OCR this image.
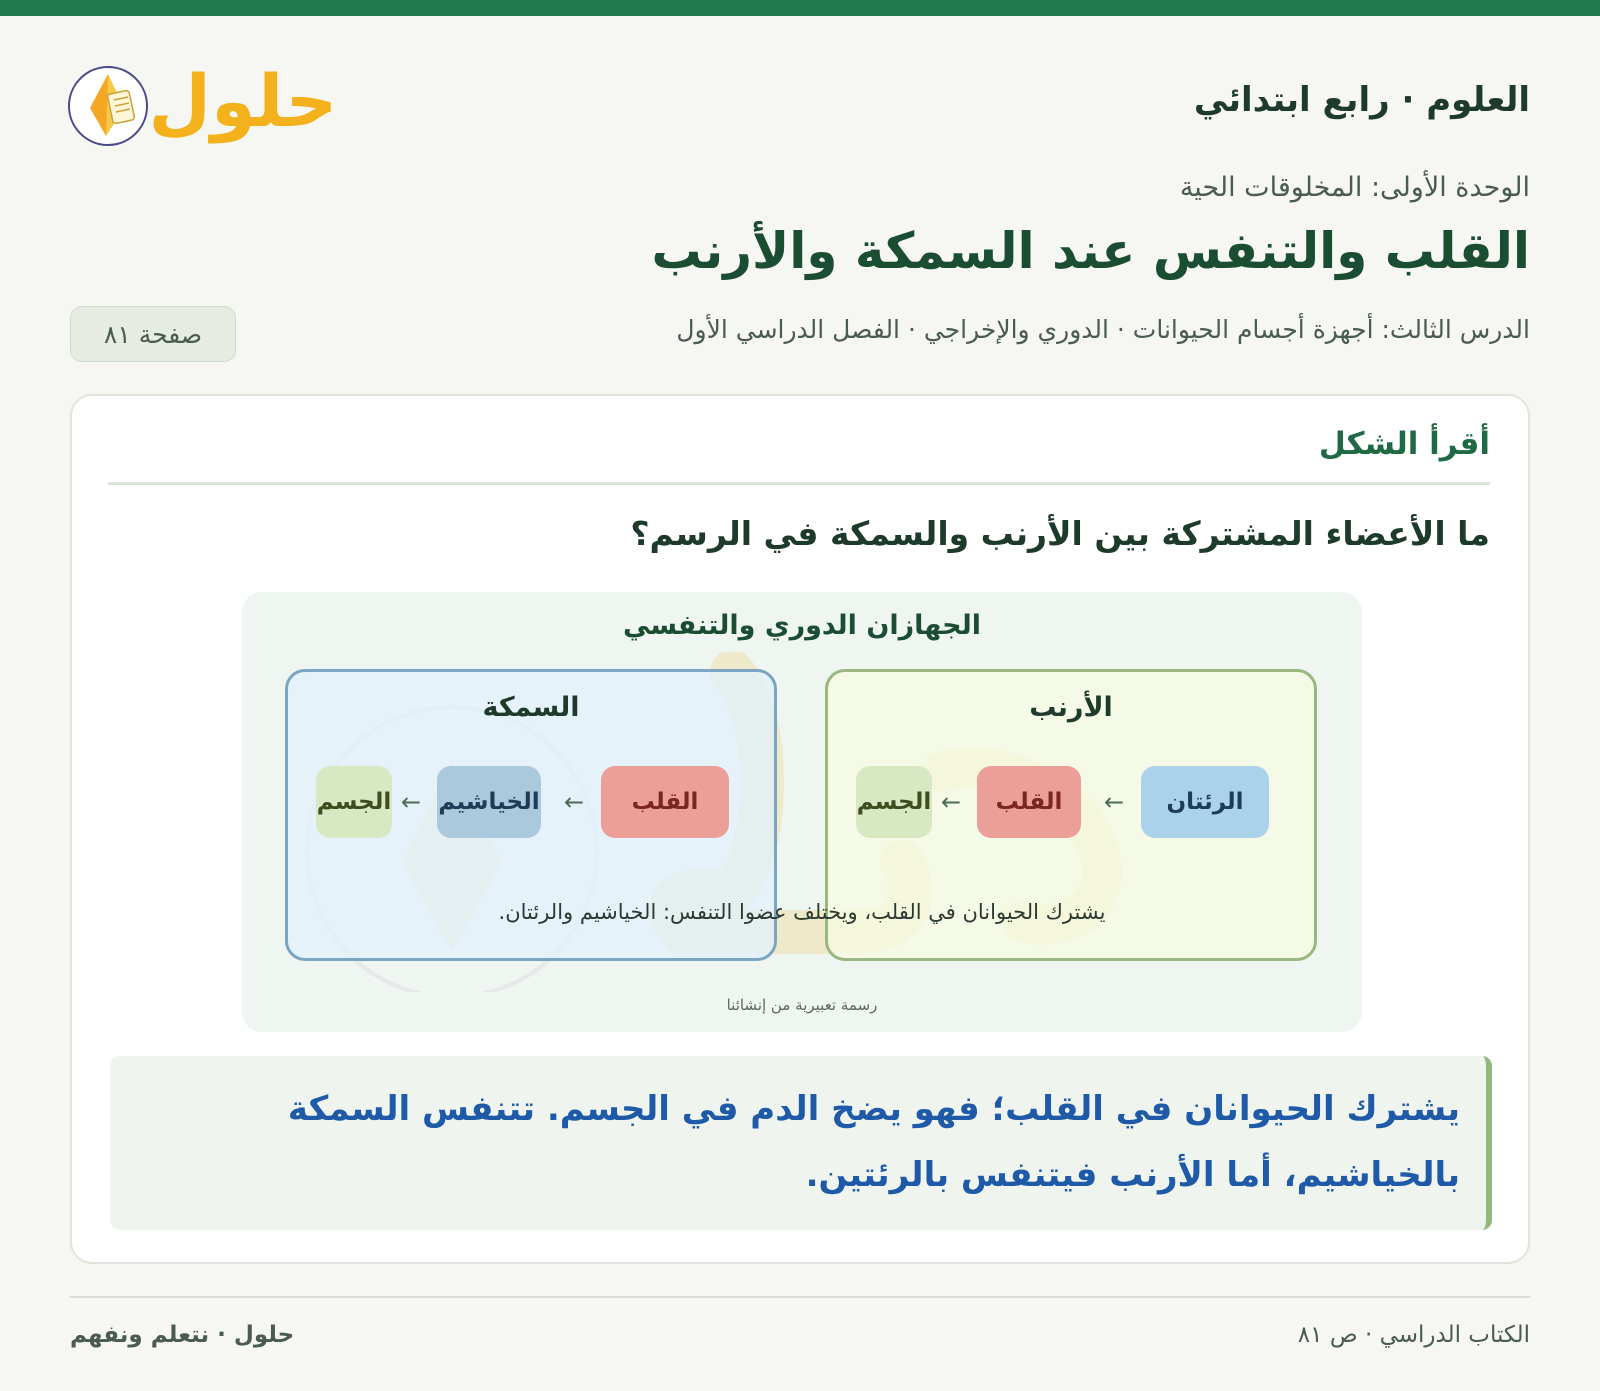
العلوم · رابع ابتدائي
حلول
الوحدة الأولى: المخلوقات الحية
القلب والتنفس عند السمكة والأرنب
الدرس الثالث: أجهزة أجسام الحيوانات · الدوري والإخراجي · الفصل الدراسي الأول
صفحة ٨١
أقرأ الشكل
ما الأعضاء المشتركة بين الأرنب والسمكة في الرسم؟
الجهازان الدوري والتنفسي
السمكة
القلب
←
الخياشيم
←
الجسم
الأرنب
الرئتان
←
القلب
←
الجسم
يشترك الحيوانان في القلب، ويختلف عضوا التنفس: الخياشيم والرئتان.
رسمة تعبيرية من إنشائنا
يشترك الحيوانان في القلب؛ فهو يضخ الدم في الجسم. تتنفس السمكة بالخياشيم، أما الأرنب فيتنفس بالرئتين.
الكتاب الدراسي · ص ٨١
حلول · نتعلم ونفهم
